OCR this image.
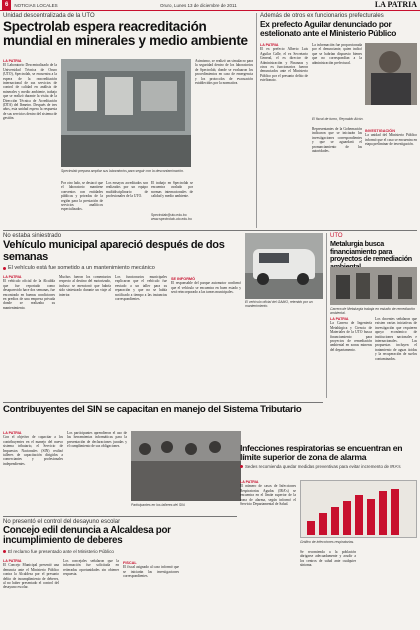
6	NOTICIAS LOCALES	Oruro, Lunes 13 de diciembre de 2011	LA PATRIA
Unidad descentralizada de la UTO
Spectrolab espera reacreditación mundial en minerales y medio ambiente
LA PATRIA
El Laboratorio Descentralizado de la Universidad Técnica de Oruro (UTO), Spectrolab, se encuentra a la espera de la reacreditación internacional de sus servicios de control de calidad en análisis de minerales y medio ambiente, trabajo que se realizó durante la visita de la Dirección Técnica de Acreditación (DTA) del Ibmetro. Después de tres años, esta unidad espera la respuesta de sus servicios dentro del sistema de gestión.
Asimismo, se realizó un simulacro para la seguridad dentro de los laboratorios de Spectrolab, donde se evaluaron los procedimientos en caso de emergencia y los protocolos de evacuación establecidos por la normativa.
Spectrolab prepara ampliar sus laboratorios para seguir con la descontaminación.
Por otro lado, se destacó que el laboratorio mantiene convenios con entidades públicas y privadas de la región para la prestación de servicios analíticos especializados.
Los ensayos acreditados son realizados por un equipo multidisciplinario de profesionales de la UTO.
El trabajo en Spectrolab se encuentra avalado por normas internacionales de calidad y medio ambiente.
Spectrolab@uto.edu.bo www.spectrolab-uto.edu.bo
Además de otros ex funcionarios prefecturales
Ex prefecto Aguilar denunciado por estelionato ante el Ministerio Público
LA PATRIA
El ex prefecto Alberto Luis Aguilar Calle, el ex Secretario General, el ex director de Administración y Finanzas y otros ex funcionarios fueron denunciados ante el Ministerio Público por el presunto delito de estelionato.
La información fue proporcionada por el denunciante, quien indicó que se habrían dispuesto bienes que no correspondían a la administración prefectural.
El fiscal de turno, Reynaldo Alcón.
Representantes de la Gobernación indicaron que se iniciarán las investigaciones correspondientes y que se aguardará el pronunciamiento de las autoridades.
INVESTIGACIÓN
La unidad del Ministerio Público informó que el caso se encuentra en etapa preliminar de investigación.
No estaba siniestrado
Vehículo municipal apareció después de dos semanas
El vehículo está fue sometido a un mantenimiento mecánico
LA PATRIA
El vehículo oficial de la Alcaldía que fue reportado como desaparecido hace dos semanas, fue encontrado en buenas condiciones en predios de una empresa privada donde se realizaba su mantenimiento.
Muchos fueron los comentarios respecto al destino del motorizado, incluso se mencionó que habría sido siniestrado durante un viaje al interior.
Los funcionarios municipales explicaron que el vehículo fue enviado a un taller para su reparación y que no se había notificado a tiempo a las instancias correspondientes.
SE INFORMÓ
El responsable del parque automotor confirmó que el vehículo se encuentra en buen estado y será reincorporado a las tareas municipales.
El vehículo oficial del GAMO, retenido por un mantenimiento.
UTO
Metalurgia busca financiamiento para proyectos de remediación
Carrera de Metalurgia trabaja en estudio de remediación ambiental.
LA PATRIA
La Carrera de Ingeniería Metalúrgica y Ciencia de Materiales de la UTO busca financiamiento para proyectos de remediación ambiental en zonas mineras del departamento.
Los docentes señalaron que existen varias iniciativas de investigación que requieren apoyo económico de instituciones nacionales e internacionales.	Las propuestas incluyen el tratamiento de aguas ácidas y la recuperación de suelos contaminados.
Contribuyentes del SIN se capacitan en manejo del Sistema Tributario
LA PATRIA
Con el objetivo de capacitar a los contribuyentes en el manejo del nuevo sistema tributario, el Servicio de Impuestos Nacionales (SIN) realizó talleres de capacitación dirigidos a comerciantes y profesionales independientes.
Los participantes aprendieron el uso de las herramientas informáticas para la presentación de declaraciones juradas y el cumplimiento de sus obligaciones.
Participantes en los talleres del SIN.
Infecciones respiratorias se encuentran en límite superior de zona de alarma
Sedes recomienda quedar medidas preventivas para evitar incremento de IRA's
LA PATRIA
El número de casos de Infecciones Respiratorias Agudas (IRA's) se encuentra en el límite superior de la zona de alarma, según informó el Servicio Departamental de Salud.
Gráfico de infecciones respiratorias.
Se recomienda a la población abrigarse adecuadamente y acudir a los centros de salud ante cualquier síntoma.
No presentó el control del desayuno escolar
Concejo edil denuncia a Alcaldesa por incumplimiento de deberes
El reclamo fue presentado ante el Ministerio Público
LA PATRIA
El Concejo Municipal presentó una denuncia ante el Ministerio Público contra la Alcaldesa por el presunto delito de incumplimiento de deberes, al no haber presentado el control del desayuno escolar.
Los concejales señalaron que la información fue solicitada en reiteradas oportunidades sin obtener respuesta.
FISCAL
El fiscal asignado al caso informó que se iniciarán las investigaciones correspondientes.
